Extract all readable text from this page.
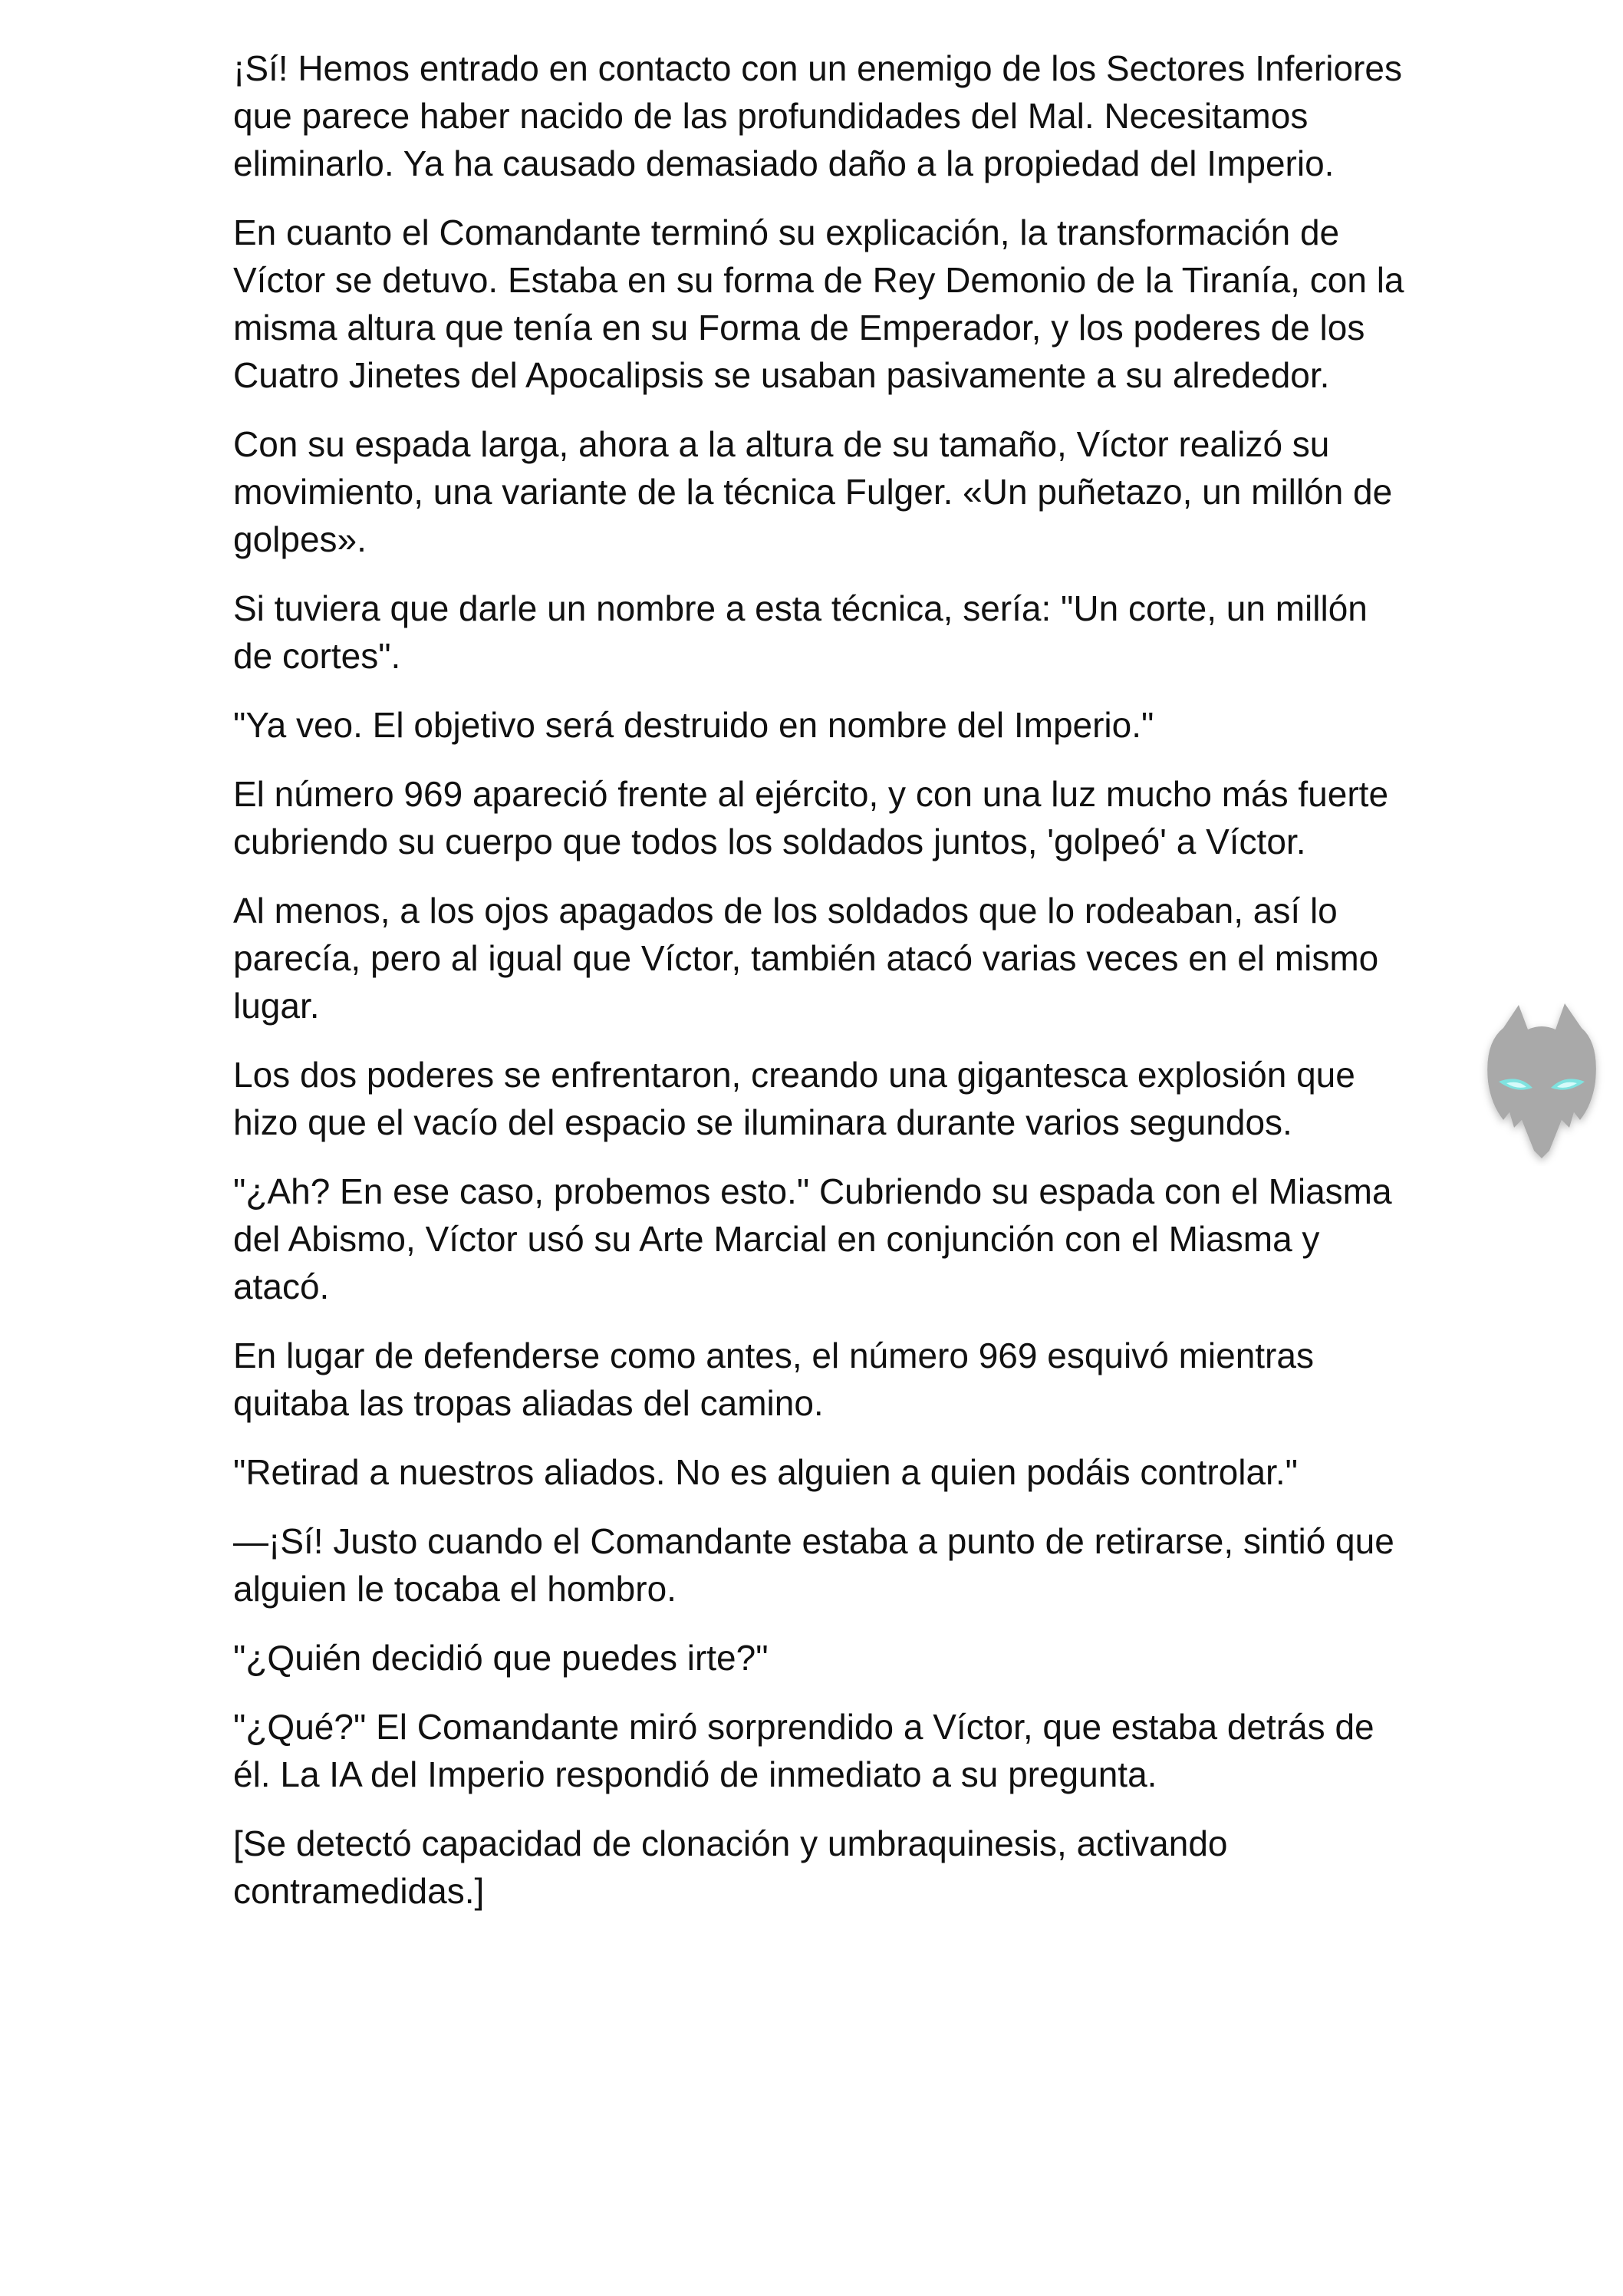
¡Sí! Hemos entrado en contacto con un enemigo de los Sectores Inferiores que parece haber nacido de las profundidades del Mal. Necesitamos eliminarlo. Ya ha causado demasiado daño a la propiedad del Imperio.

En cuanto el Comandante terminó su explicación, la transformación de Víctor se detuvo. Estaba en su forma de Rey Demonio de la Tiranía, con la misma altura que tenía en su Forma de Emperador, y los poderes de los Cuatro Jinetes del Apocalipsis se usaban pasivamente a su alrededor.

Con su espada larga, ahora a la altura de su tamaño, Víctor realizó su movimiento, una variante de la técnica Fulger. «Un puñetazo, un millón de golpes».

Si tuviera que darle un nombre a esta técnica, sería: "Un corte, un millón de cortes".

"Ya veo. El objetivo será destruido en nombre del Imperio."

El número 969 apareció frente al ejército, y con una luz mucho más fuerte cubriendo su cuerpo que todos los soldados juntos, 'golpeó' a Víctor.

Al menos, a los ojos apagados de los soldados que lo rodeaban, así lo parecía, pero al igual que Víctor, también atacó varias veces en el mismo lugar.

Los dos poderes se enfrentaron, creando una gigantesca explosión que hizo que el vacío del espacio se iluminara durante varios segundos.

"¿Ah? En ese caso, probemos esto." Cubriendo su espada con el Miasma del Abismo, Víctor usó su Arte Marcial en conjunción con el Miasma y atacó.

En lugar de defenderse como antes, el número 969 esquivó mientras quitaba las tropas aliadas del camino.

"Retirad a nuestros aliados. No es alguien a quien podáis controlar."

—¡Sí! Justo cuando el Comandante estaba a punto de retirarse, sintió que alguien le tocaba el hombro.

"¿Quién decidió que puedes irte?"

"¿Qué?" El Comandante miró sorprendido a Víctor, que estaba detrás de él. La IA del Imperio respondió de inmediato a su pregunta.

[Se detectó capacidad de clonación y umbraquinesis, activando contramedidas.]
